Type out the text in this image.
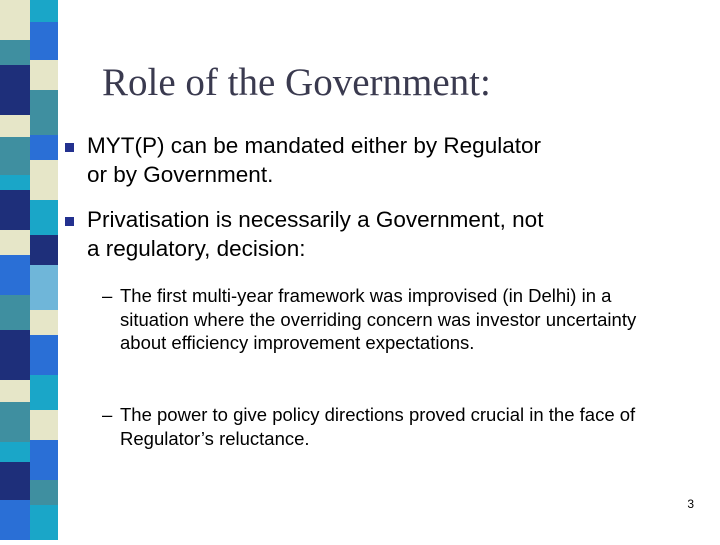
Role of the Government:
MYT(P) can be mandated either by Regulator
or by Government.
Privatisation is necessarily a Government, not
a regulatory, decision:
– The first multi-year framework was improvised (in Delhi) in a situation where the overriding concern was investor uncertainty about efficiency improvement expectations.
– The power to give policy directions proved crucial in the face of Regulator’s reluctance.
3
